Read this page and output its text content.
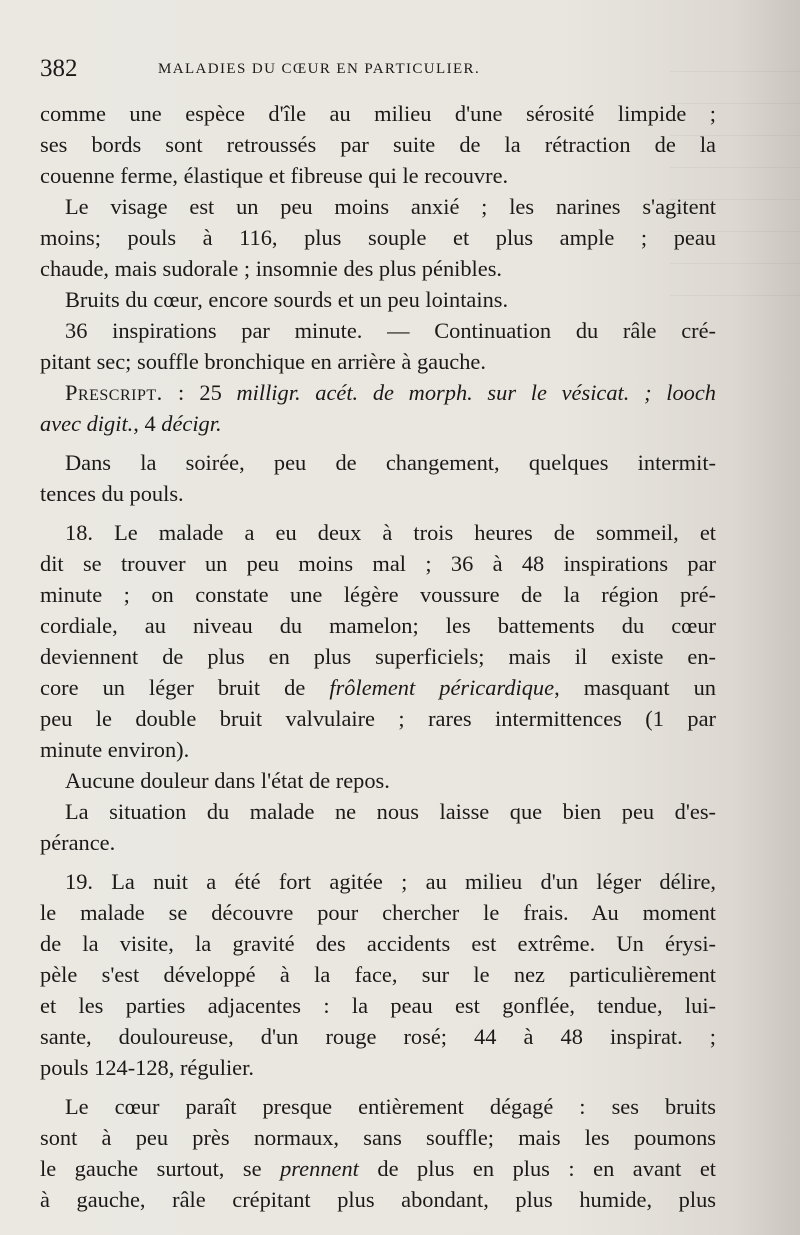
382	MALADIES DU CŒUR EN PARTICULIER.
comme une espèce d'île au milieu d'une sérosité limpide ;
ses bords sont retroussés par suite de la rétraction de la
couenne ferme, élastique et fibreuse qui le recouvre.
Le visage est un peu moins anxié ; les narines s'agitent
moins; pouls à 116, plus souple et plus ample ; peau
chaude, mais sudorale ; insomnie des plus pénibles.
Bruits du cœur, encore sourds et un peu lointains.
36 inspirations par minute. — Continuation du râle cré-
pitant sec; souffle bronchique en arrière à gauche.
Prescript. : 25 milligr. acét. de morph. sur le vésicat. ; looch
avec digit., 4 décigr.
Dans la soirée, peu de changement, quelques intermit-
tences du pouls.
18. Le malade a eu deux à trois heures de sommeil, et
dit se trouver un peu moins mal ; 36 à 48 inspirations par
minute ; on constate une légère voussure de la région pré-
cordiale, au niveau du mamelon; les battements du cœur
deviennent de plus en plus superficiels; mais il existe en-
core un léger bruit de frôlement péricardique, masquant un
peu le double bruit valvulaire ; rares intermittences (1 par
minute environ).
Aucune douleur dans l'état de repos.
La situation du malade ne nous laisse que bien peu d'es-
pérance.
19. La nuit a été fort agitée ; au milieu d'un léger délire,
le malade se découvre pour chercher le frais. Au moment
de la visite, la gravité des accidents est extrême. Un érysi-
pèle s'est développé à la face, sur le nez particulièrement
et les parties adjacentes : la peau est gonflée, tendue, lui-
sante, douloureuse, d'un rouge rosé; 44 à 48 inspirat. ;
pouls 124-128, régulier.
Le cœur paraît presque entièrement dégagé : ses bruits
sont à peu près normaux, sans souffle; mais les poumons
le gauche surtout, se prennent de plus en plus : en avant et
à gauche, râle crépitant plus abondant, plus humide, plus
